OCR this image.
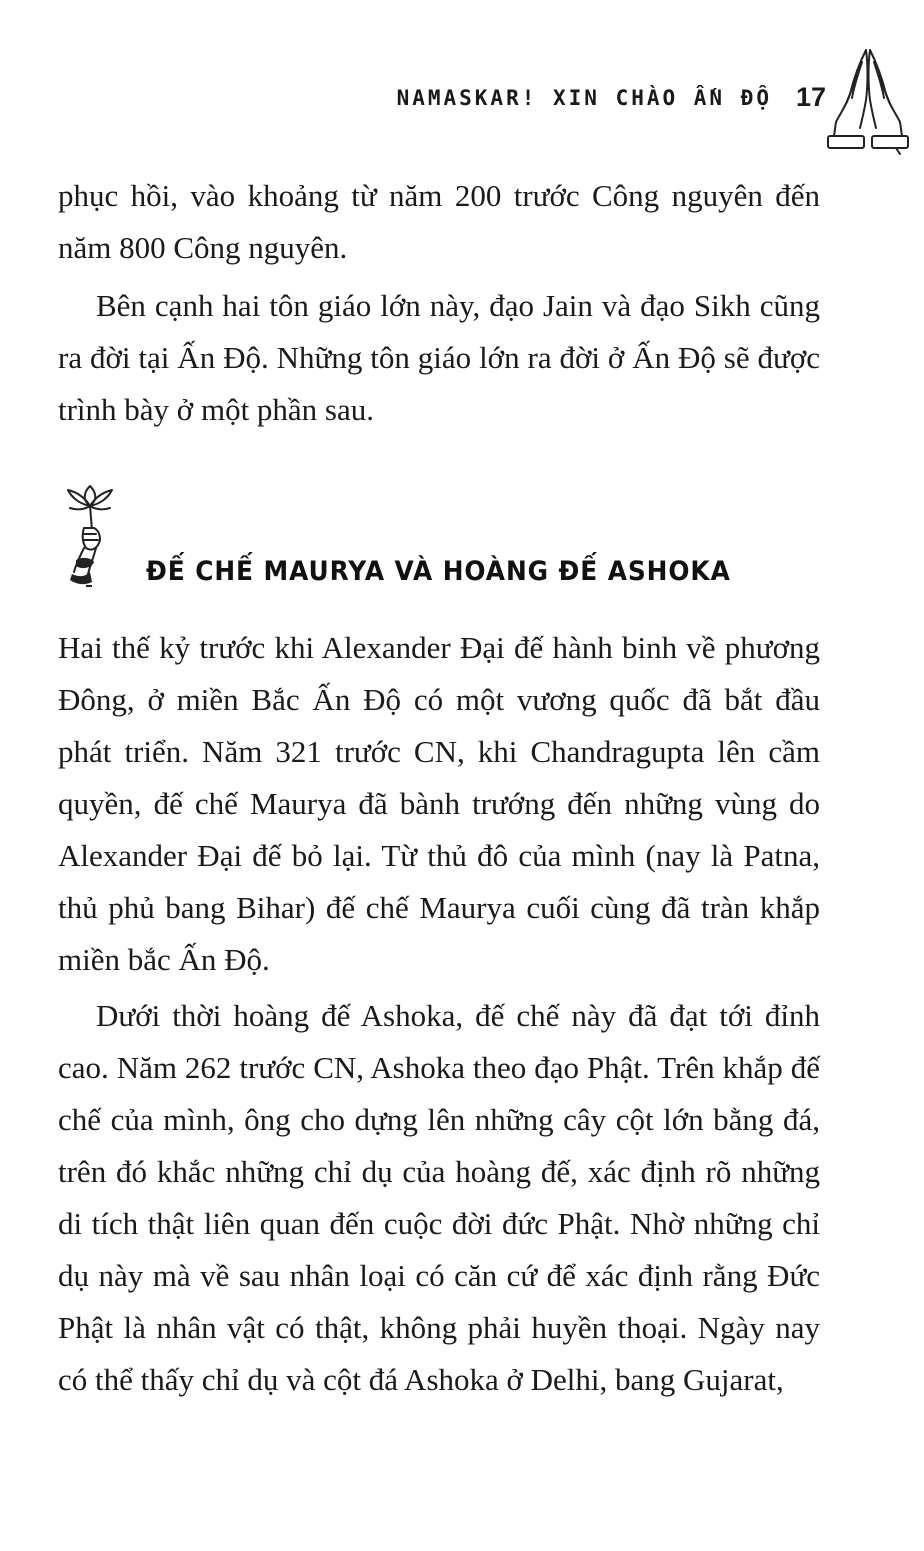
NAMASKAR! XIN CHÀO ẤN ĐỘ 17

phục hồi, vào khoảng từ năm 200 trước Công nguyên đến năm 800 Công nguyên.

Bên cạnh hai tôn giáo lớn này, đạo Jain và đạo Sikh cũng ra đời tại Ấn Độ. Những tôn giáo lớn ra đời ở Ấn Độ sẽ được trình bày ở một phần sau.

ĐẾ CHẾ MAURYA VÀ HOÀNG ĐẾ ASHOKA

Hai thế kỷ trước khi Alexander Đại đế hành binh về phương Đông, ở miền Bắc Ấn Độ có một vương quốc đã bắt đầu phát triển. Năm 321 trước CN, khi Chandragupta lên cầm quyền, đế chế Maurya đã bành trướng đến những vùng do Alexander Đại đế bỏ lại. Từ thủ đô của mình (nay là Patna, thủ phủ bang Bihar) đế chế Maurya cuối cùng đã tràn khắp miền bắc Ấn Độ.

Dưới thời hoàng đế Ashoka, đế chế này đã đạt tới đỉnh cao. Năm 262 trước CN, Ashoka theo đạo Phật. Trên khắp đế chế của mình, ông cho dựng lên những cây cột lớn bằng đá, trên đó khắc những chỉ dụ của hoàng đế, xác định rõ những di tích thật liên quan đến cuộc đời đức Phật. Nhờ những chỉ dụ này mà về sau nhân loại có căn cứ để xác định rằng Đức Phật là nhân vật có thật, không phải huyền thoại. Ngày nay có thể thấy chỉ dụ và cột đá Ashoka ở Delhi, bang Gujarat,
